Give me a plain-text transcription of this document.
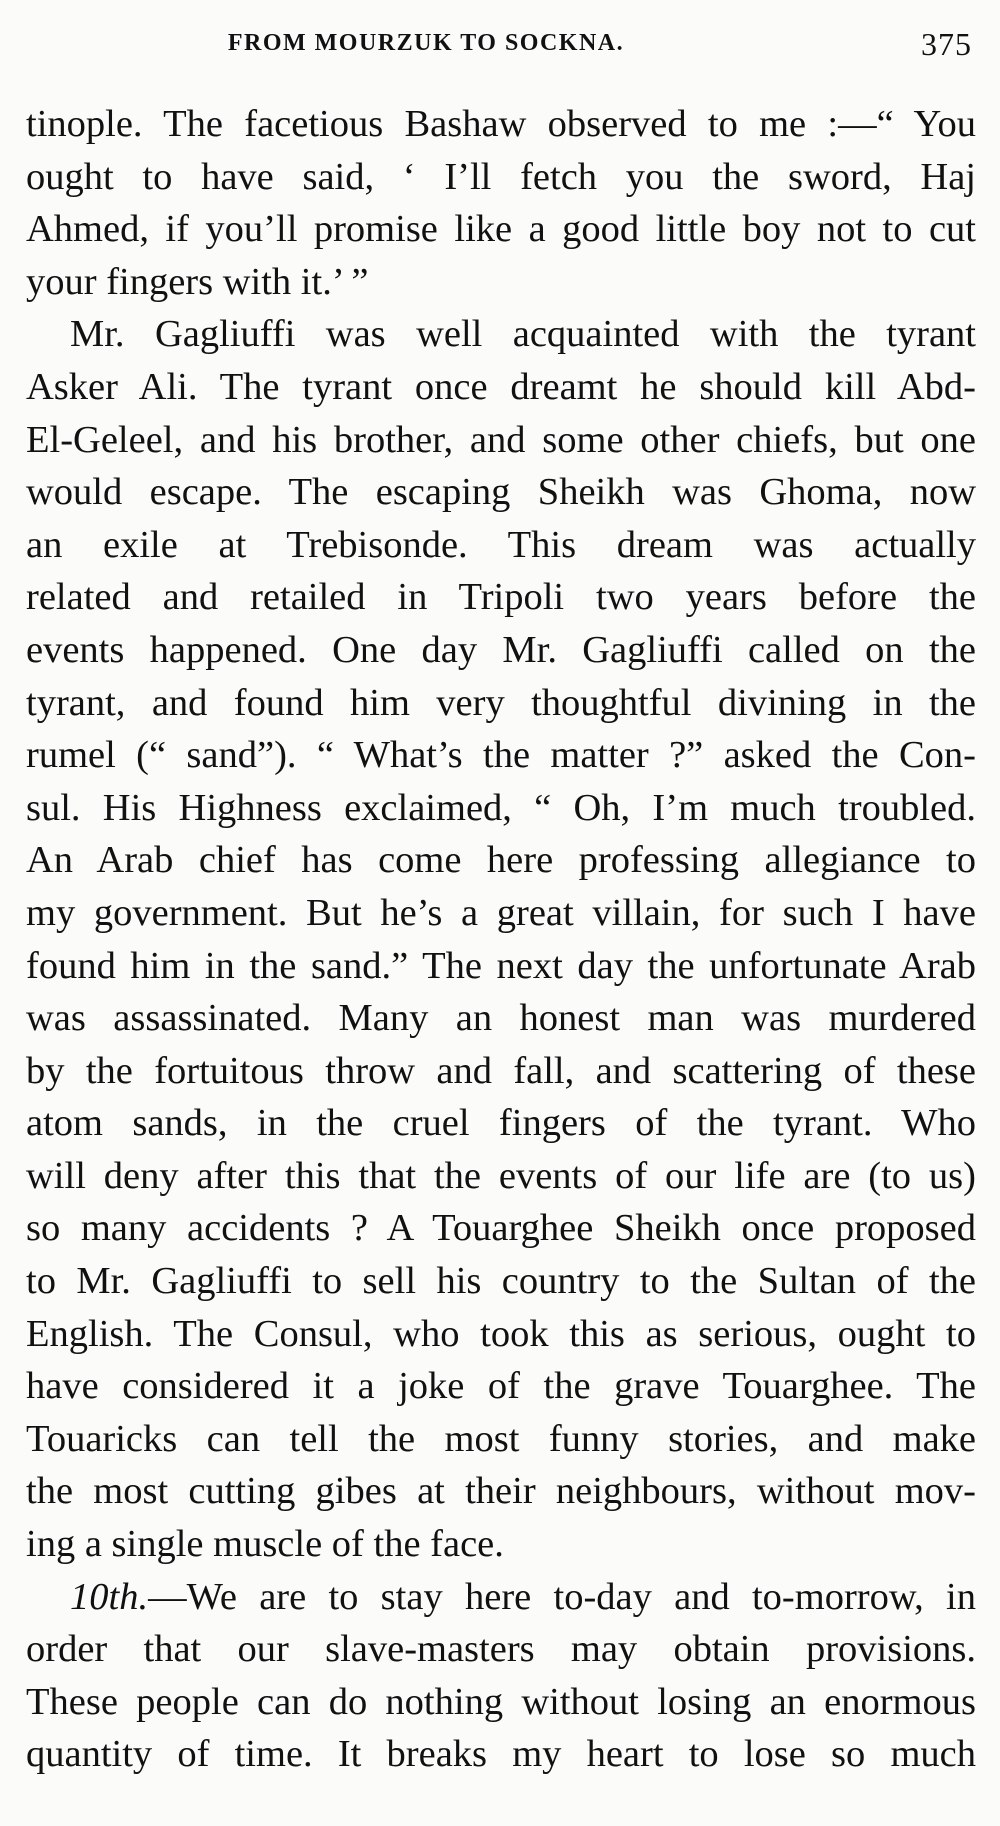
FROM MOURZUK TO SOCKNA.	375
tinople. The facetious Bashaw observed to me :—“ You
ought to have said, ‘ I’ll fetch you the sword, Haj
Ahmed, if you’ll promise like a good little boy not to cut
your fingers with it.’ ”
Mr. Gagliuffi was well acquainted with the tyrant
Asker Ali. The tyrant once dreamt he should kill Abd-
El-Geleel, and his brother, and some other chiefs, but one
would escape. The escaping Sheikh was Ghoma, now
an exile at Trebisonde. This dream was actually
related and retailed in Tripoli two years before the
events happened. One day Mr. Gagliuffi called on the
tyrant, and found him very thoughtful divining in the
rumel (“ sand”). “ What’s the matter ?” asked the Con-
sul. His Highness exclaimed, “ Oh, I’m much troubled.
An Arab chief has come here professing allegiance to
my government. But he’s a great villain, for such I have
found him in the sand.” The next day the unfortunate Arab
was assassinated. Many an honest man was murdered
by the fortuitous throw and fall, and scattering of these
atom sands, in the cruel fingers of the tyrant. Who
will deny after this that the events of our life are (to us)
so many accidents ? A Touarghee Sheikh once proposed
to Mr. Gagliuffi to sell his country to the Sultan of the
English. The Consul, who took this as serious, ought to
have considered it a joke of the grave Touarghee. The
Touaricks can tell the most funny stories, and make
the most cutting gibes at their neighbours, without mov-
ing a single muscle of the face.
10th.—We are to stay here to-day and to-morrow, in
order that our slave-masters may obtain provisions.
These people can do nothing without losing an enormous
quantity of time. It breaks my heart to lose so much
